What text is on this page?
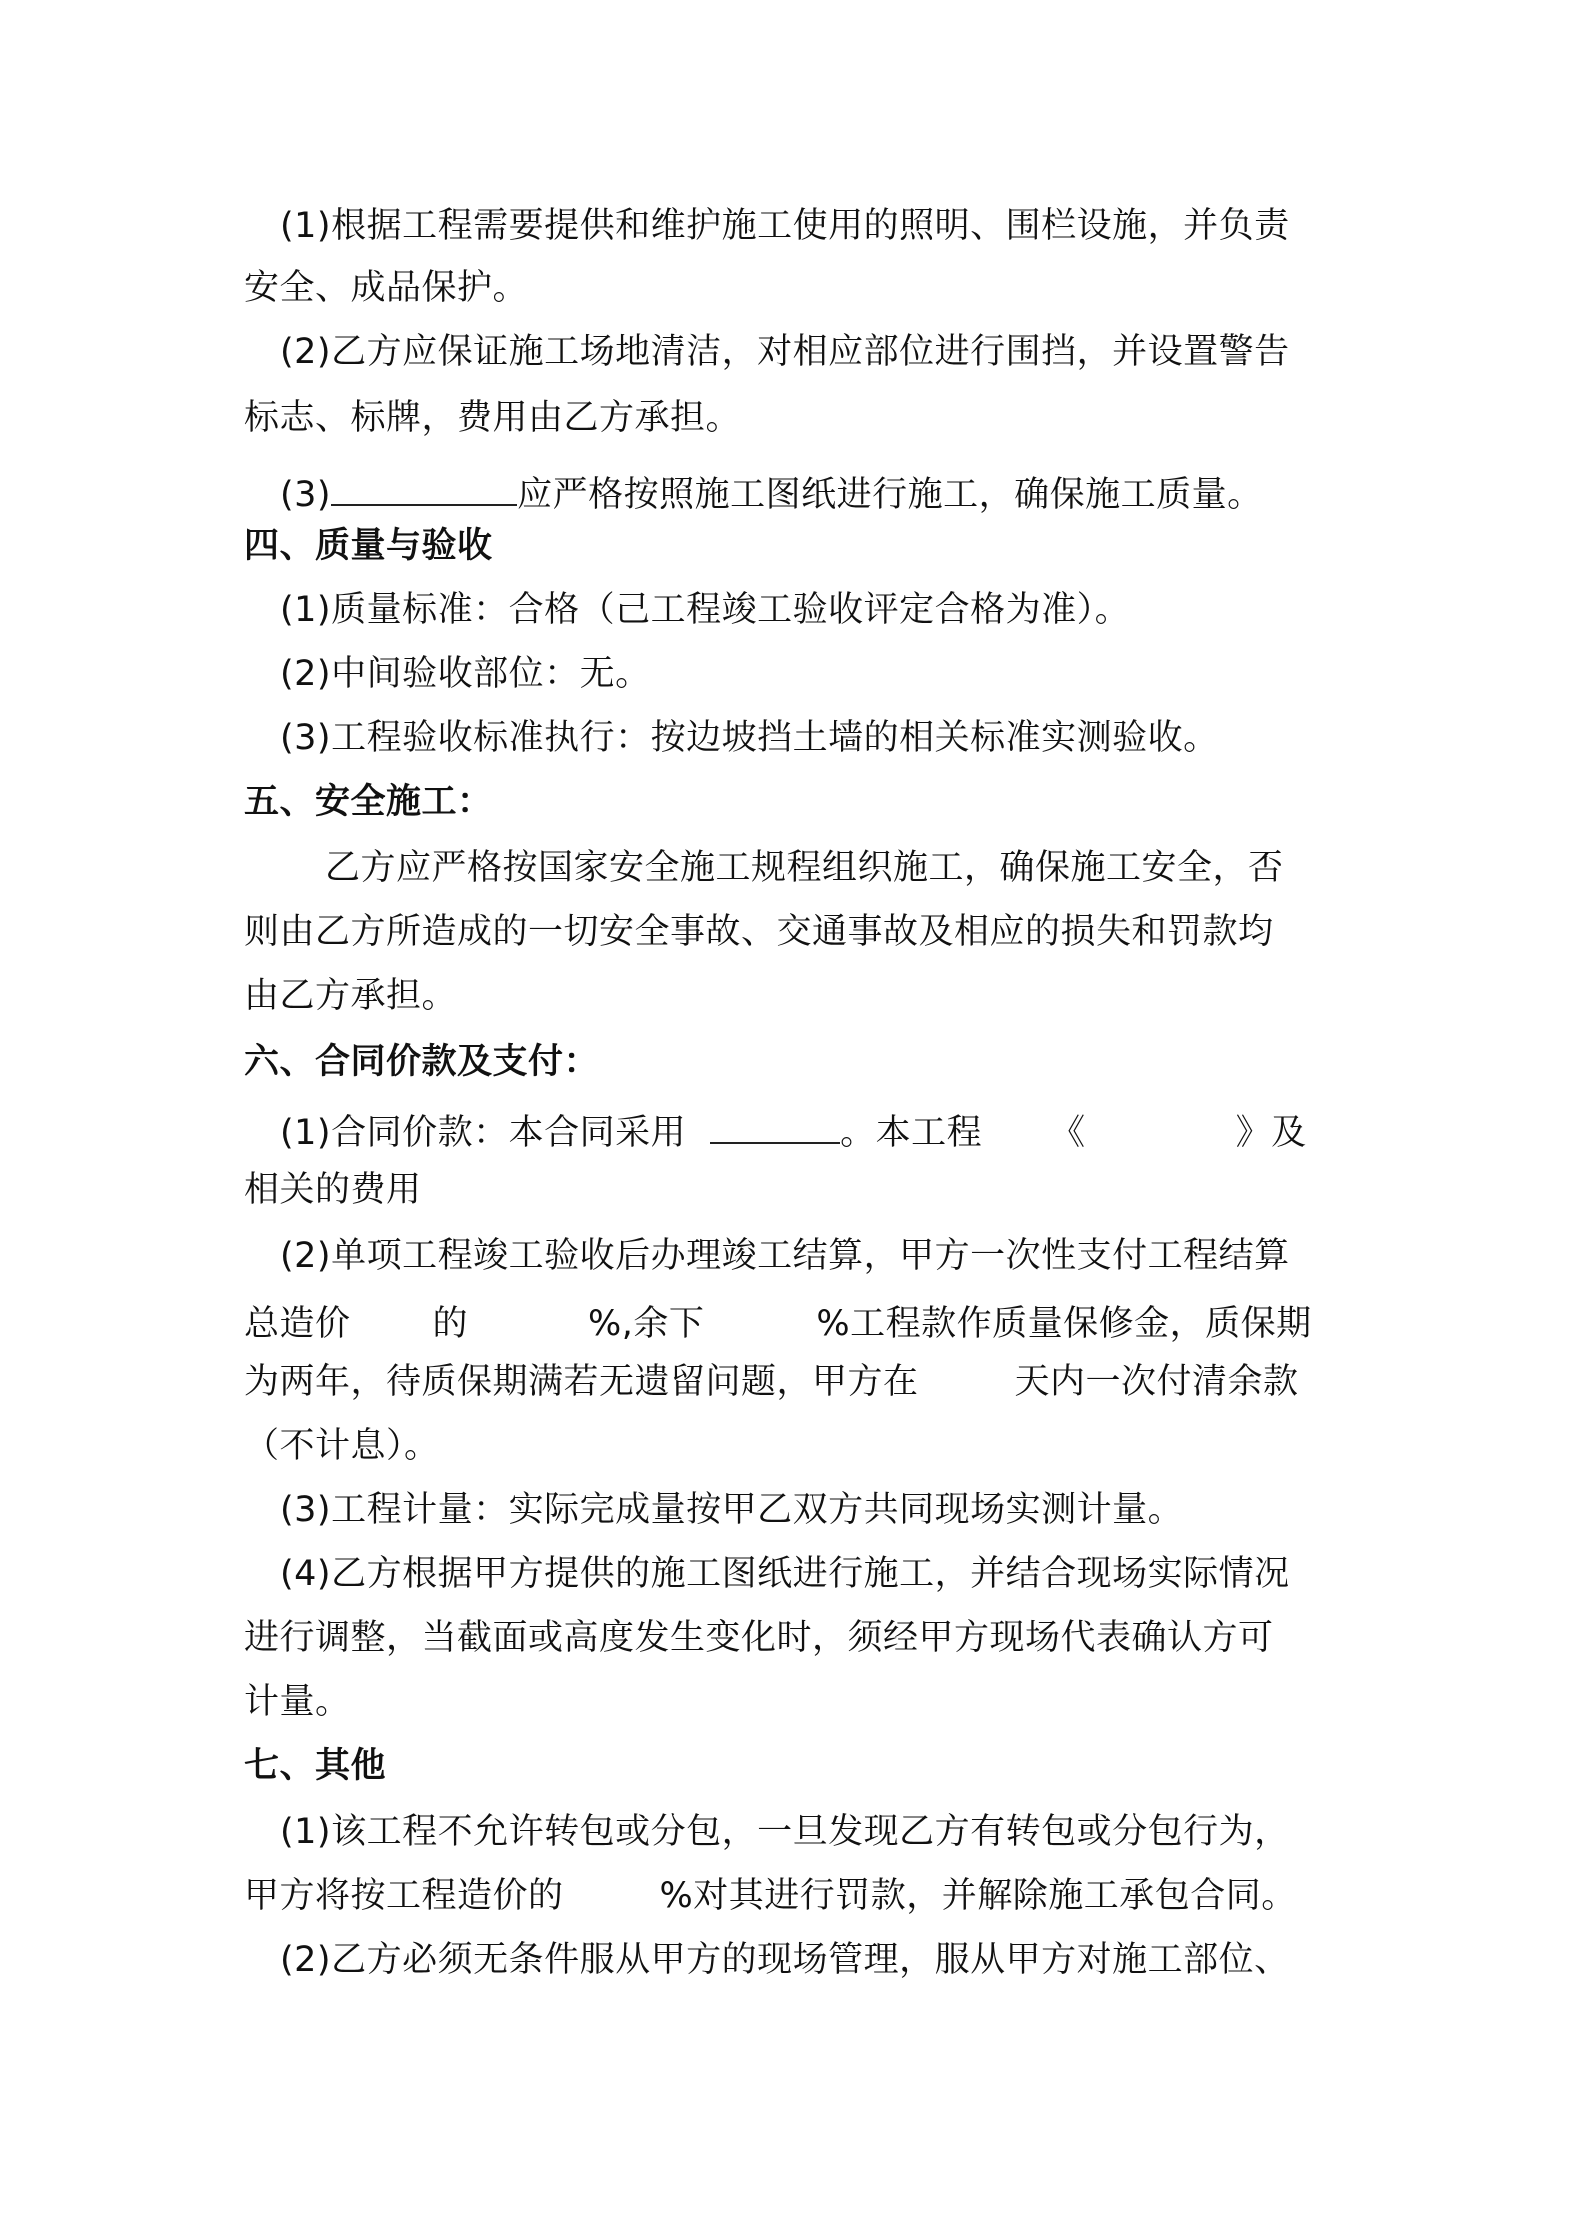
(1)根据工程需要提供和维护施工使用的照明、围栏设施，并负责
安全、成品保护。
(2)乙方应保证施工场地清洁，对相应部位进行围挡，并设置警告
标志、标牌，费用由乙方承担。
(3)	应严格按照施工图纸进行施工，确保施工质量。
四、质量与验收
(1)质量标准：合格（己工程竣工验收评定合格为准）。
(2)中间验收部位：无。
(3)工程验收标准执行：按边坡挡土墙的相关标准实测验收。
五、安全施工：
乙方应严格按国家安全施工规程组织施工，确保施工安全，否
则由乙方所造成的一切安全事故、交通事故及相应的损失和罚款均
由乙方承担。
六、合同价款及支付：
(1)合同价款：本合同采用	。本工程 《	》及
相关的费用
(2)单项工程竣工验收后办理竣工结算，甲方一次性支付工程结算
总造价 的	%,余下	%工程款作质量保修金，质保期
为两年，待质保期满若无遗留问题，甲方在	天内一次付清余款
（不计息）。
(3)工程计量：实际完成量按甲乙双方共同现场实测计量。
(4)乙方根据甲方提供的施工图纸进行施工，并结合现场实际情况
进行调整，当截面或高度发生变化时，须经甲方现场代表确认方可
计量。
七、其他
(1)该工程不允许转包或分包，一旦发现乙方有转包或分包行为，
甲方将按工程造价的	%对其进行罚款，并解除施工承包合同。
(2)乙方必须无条件服从甲方的现场管理，服从甲方对施工部位、
